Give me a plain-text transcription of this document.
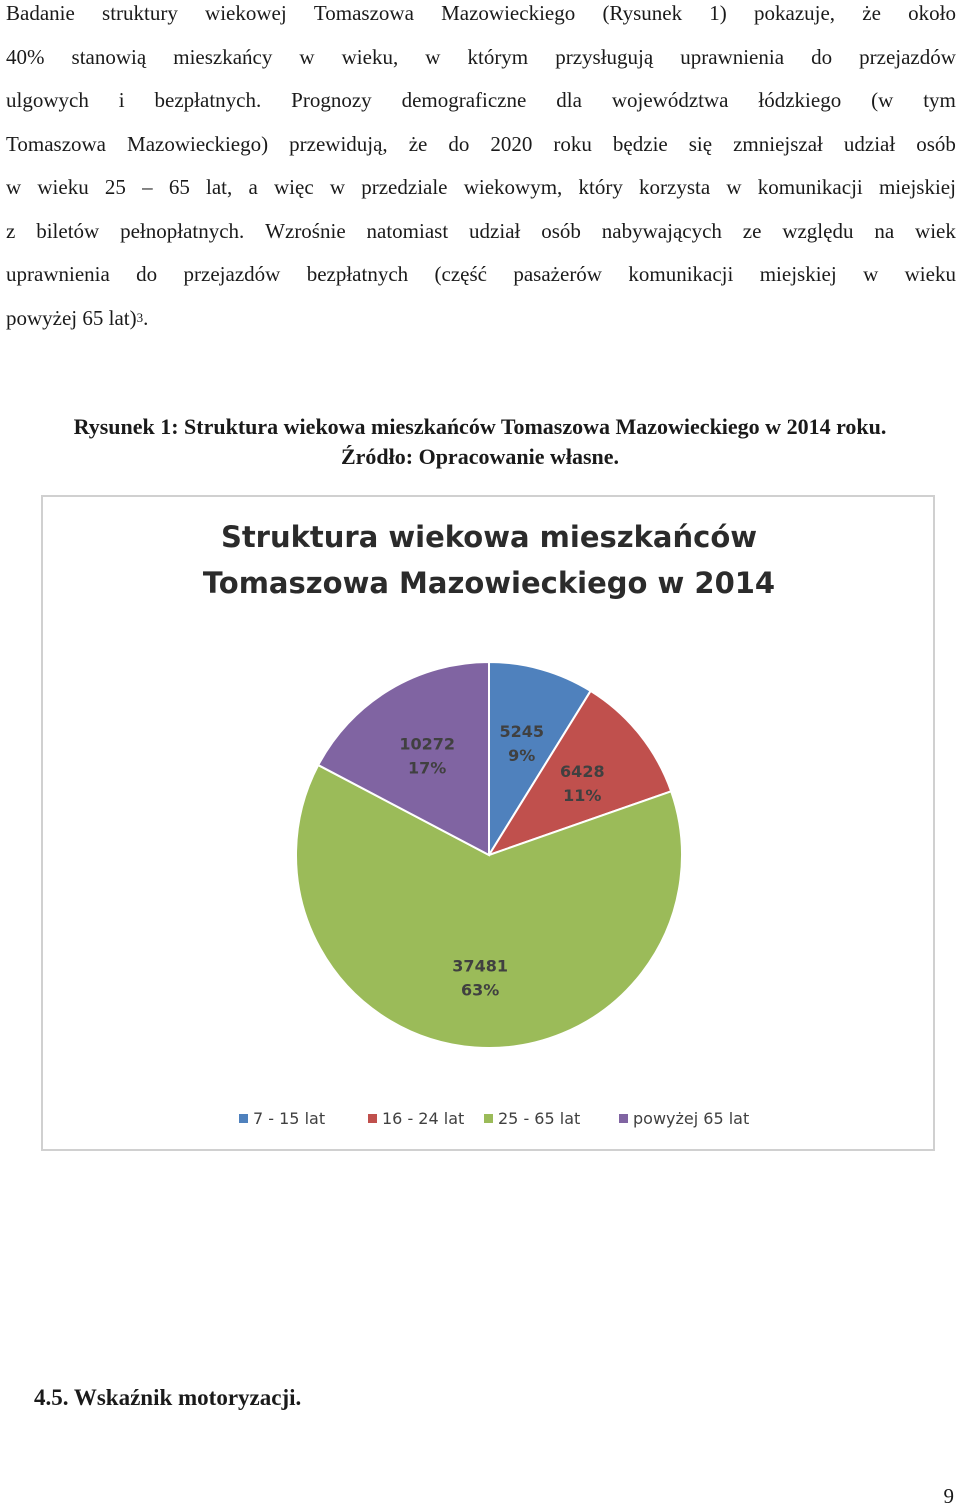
Badanie struktury wiekowej Tomaszowa Mazowieckiego (Rysunek 1) pokazuje, że około
40% stanowią mieszkańcy w wieku, w którym przysługują uprawnienia do przejazdów
ulgowych i bezpłatnych. Prognozy demograficzne dla województwa łódzkiego (w tym
Tomaszowa Mazowieckiego) przewidują, że do 2020 roku będzie się zmniejszał udział osób
w wieku 25 – 65 lat, a więc w przedziale wiekowym, który korzysta w komunikacji miejskiej
z biletów pełnopłatnych. Wzrośnie natomiast udział osób nabywających ze względu na wiek
uprawnienia do przejazdów bezpłatnych (część pasażerów komunikacji miejskiej w wieku
powyżej 65 lat) 3 .
Rysunek 1: Struktura wiekowa mieszkańców Tomaszowa Mazowieckiego w 2014 roku.
Źródło: Opracowanie własne.
Struktura wiekowa mieszkańców
Tomaszowa Mazowieckiego w 2014
5245
9%
6428
11%
37481
63%
10272
17%
7 - 15 lat	16 - 24 lat 25 - 65 lat	powyżej 65 lat
4.5. Wskaźnik motoryzacji.
9
